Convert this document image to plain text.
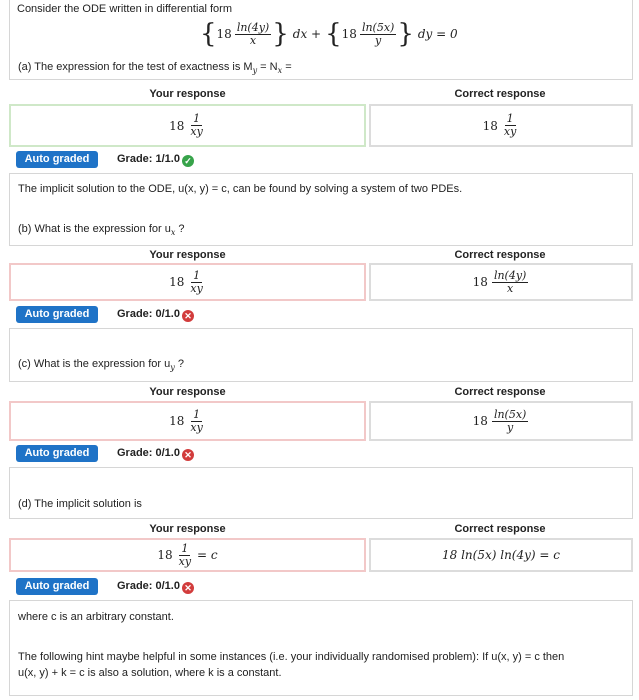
Consider the ODE written in differential form
{ $18 \frac{\ln(4y)}{x}$ } dx + { $18 \frac{\ln(5x)}{y}$ } dy = 0
(a) The expression for the test of exactness is $M_y = N_x$ =
Your response	Correct response
$18 \frac{1}{xy}$	$18 \frac{1}{xy}$
Auto graded	Grade: 1/1.0 ✓
The implicit solution to the ODE, u(x, y) = c, can be found by solving a system of two PDEs.
(b) What is the expression for $u_x$ ?
Your response	Correct response
$18 \frac{1}{xy}$	$18 \frac{\ln(4y)}{x}$
Auto graded	Grade: 0/1.0 ✕
(c) What is the expression for $u_y$ ?
Your response	Correct response
$18 \frac{1}{xy}$	$18 \frac{\ln(5x)}{y}$
Auto graded	Grade: 0/1.0 ✕
(d) The implicit solution is
Your response	Correct response
$18 \frac{1}{xy} = c$	18 ln(5x) ln(4y) = c
Auto graded	Grade: 0/1.0 ✕
where c is an arbitrary constant.
The following hint maybe helpful in some instances (i.e. your individually randomised problem): If u(x, y) = c then
u(x, y) + k = c is also a solution, where k is a constant.
